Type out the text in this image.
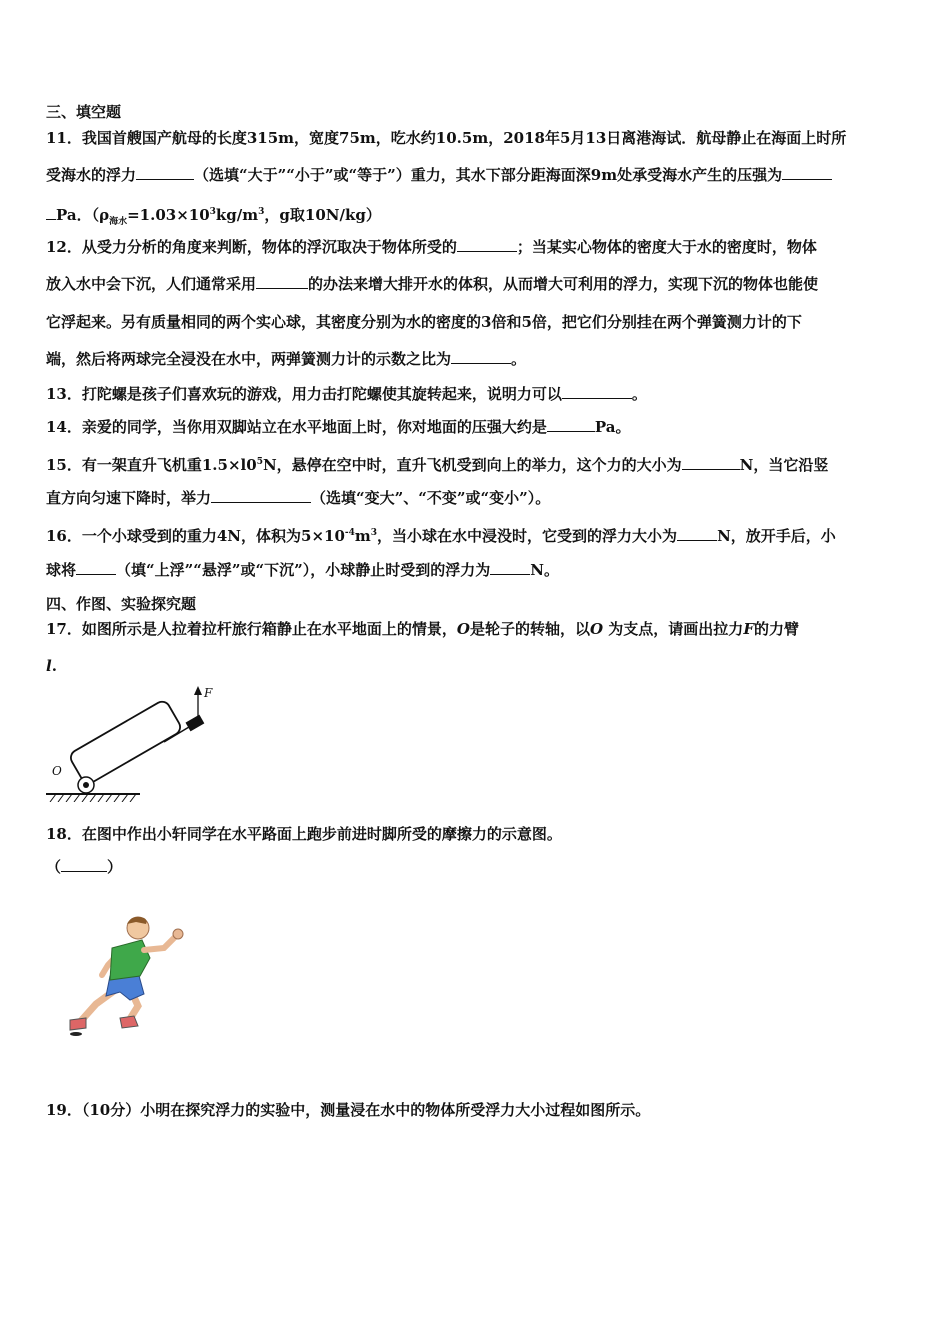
三、填空题
11．我国首艘国产航母的长度315m，宽度75m，吃水约10.5m，2018年5月13日离港海试．航母静止在海面上时所
受海水的浮力	（选填“大于”“小于”或“等于”）重力，其水下部分距海面深9m处承受海水产生的压强为
Pa．（$\rho_{海水}=1.03\times 10^3kg/m^3$，g取10N/kg）
12．从受力分析的角度来判断，物体的浮沉取决于物体所受的	；当某实心物体的密度大于水的密度时，物体
放入水中会下沉，人们通常采用	的办法来增大排开水的体积，从而增大可利用的浮力，实现下沉的物体也能使
它浮起来。另有质量相同的两个实心球，其密度分别为水的密度的3倍和5倍，把它们分别挂在两个弹簧测力计的下
端，然后将两球完全浸没在水中，两弹簧测力计的示数之比为	。
13．打陀螺是孩子们喜欢玩的游戏，用力击打陀螺使其旋转起来，说明力可以	。
14．亲爱的同学，当你用双脚站立在水平地面上时，你对地面的压强大约是	Pa。
15．有一架直升飞机重$1.5\times l0^5N$，悬停在空中时，直升飞机受到向上的举力，这个力的大小为	N，当它沿竖
直方向匀速下降时，举力	（选填“变大”、“不变”或“变小”）。
16．一个小球受到的重力4N，体积为$5\times 10^{-4}m^3$，当小球在水中浸没时，它受到的浮力大小为	N，放开手后，小
球将	（填“上浮”“悬浮”或“下沉”），小球静止时受到的浮力为	N。
四、作图、实验探究题
17．如图所示是人拉着拉杆旅行箱静止在水平地面上的情景，O是轮子的转轴，以O 为支点，请画出拉力F的力臂
l.
F
O
18．在图中作出小轩同学在水平路面上跑步前进时脚所受的摩擦力的示意图。
（	）
19．（10分）小明在探究浮力的实验中，测量浸在水中的物体所受浮力大小过程如图所示。
